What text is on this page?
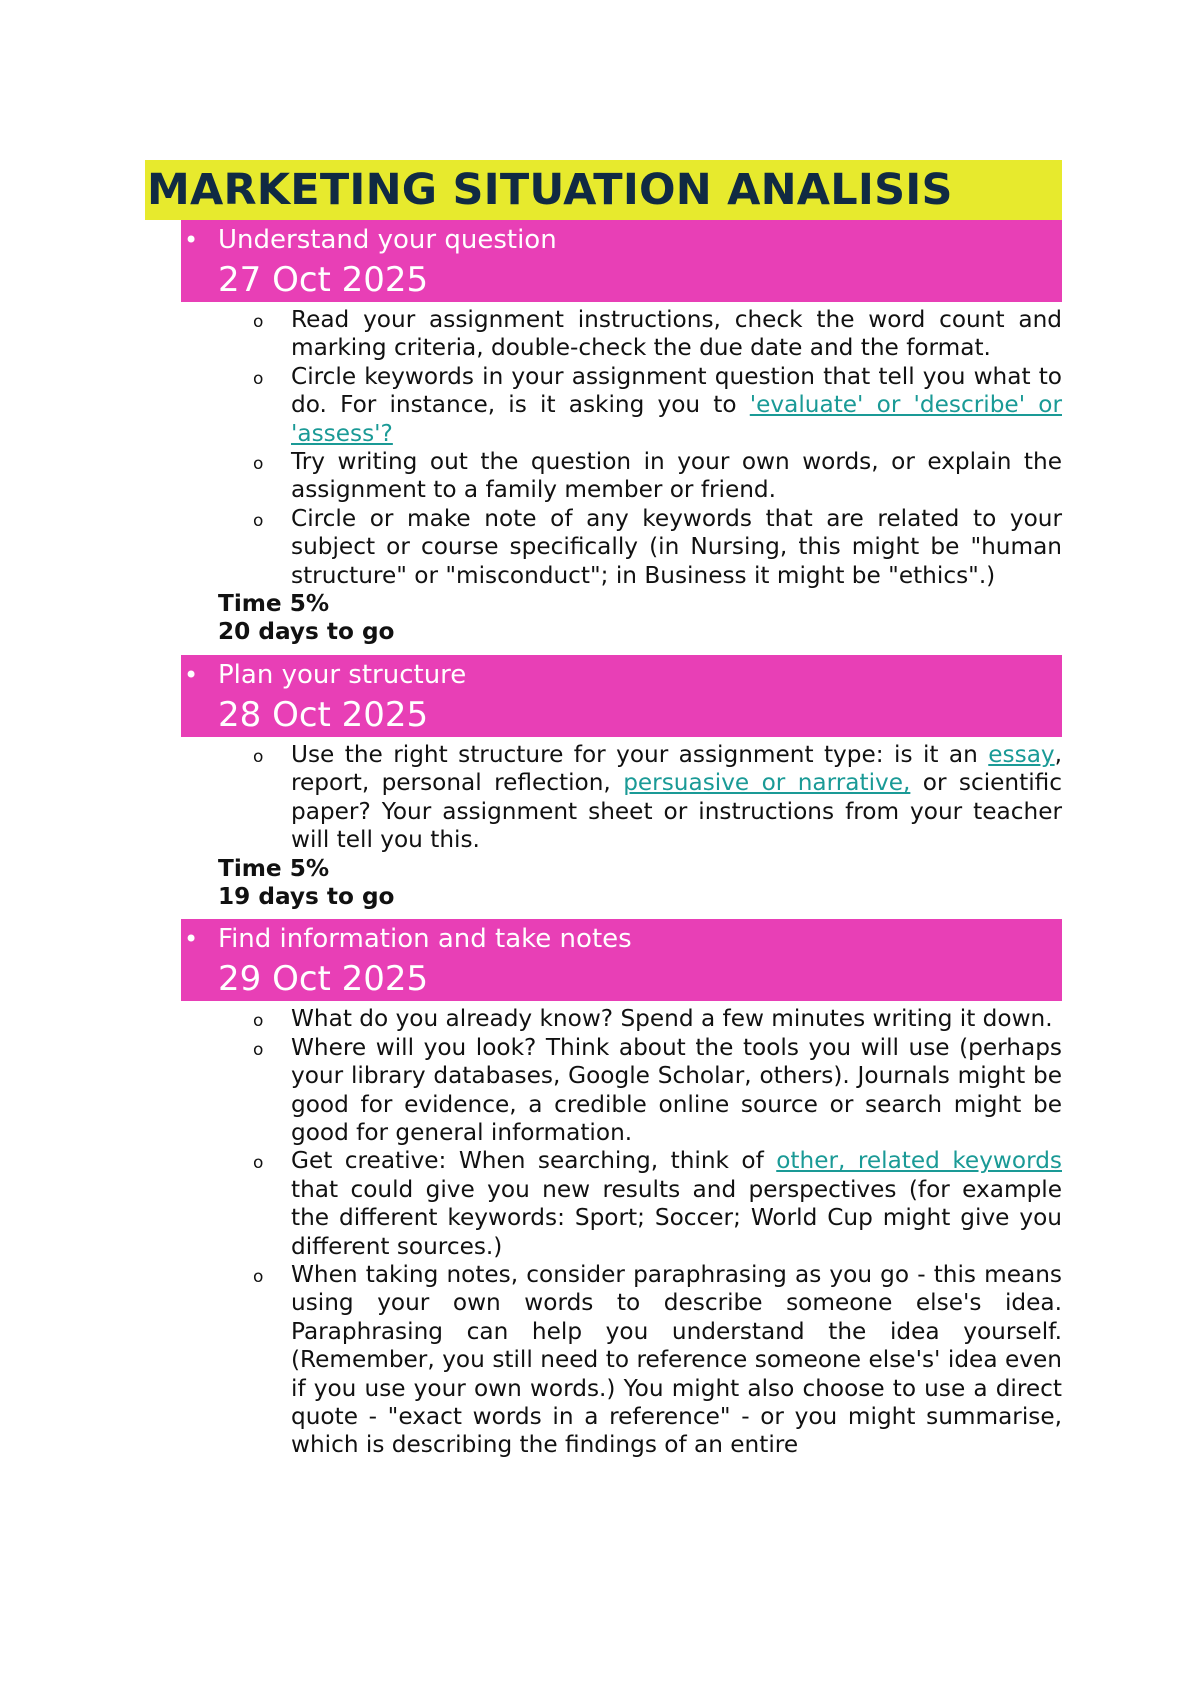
MARKETING SITUATION ANALISIS
• Understand your question
27 Oct 2025
o Read your assignment instructions, check the word count and marking criteria, double-check the due date and the format.
o Circle keywords in your assignment question that tell you what to do. For instance, is it asking you to 'evaluate' or 'describe' or 'assess'?
o Try writing out the question in your own words, or explain the assignment to a family member or friend.
o Circle or make note of any keywords that are related to your subject or course specifically (in Nursing, this might be "human structure" or "misconduct"; in Business it might be "ethics".)
Time 5%
20 days to go
• Plan your structure
28 Oct 2025
o Use the right structure for your assignment type: is it an essay, report, personal reflection, persuasive or narrative, or scientific paper? Your assignment sheet or instructions from your teacher will tell you this.
Time 5%
19 days to go
• Find information and take notes
29 Oct 2025
o What do you already know? Spend a few minutes writing it down.
o Where will you look? Think about the tools you will use (perhaps your library databases, Google Scholar, others). Journals might be good for evidence, a credible online source or search might be good for general information.
o Get creative: When searching, think of other, related keywords that could give you new results and perspectives (for example the different keywords: Sport; Soccer; World Cup might give you different sources.)
o When taking notes, consider paraphrasing as you go - this means using your own words to describe someone else's idea. Paraphrasing can help you understand the idea yourself. (Remember, you still need to reference someone else's' idea even if you use your own words.) You might also choose to use a direct quote - "exact words in a reference" - or you might summarise, which is describing the findings of an entire
